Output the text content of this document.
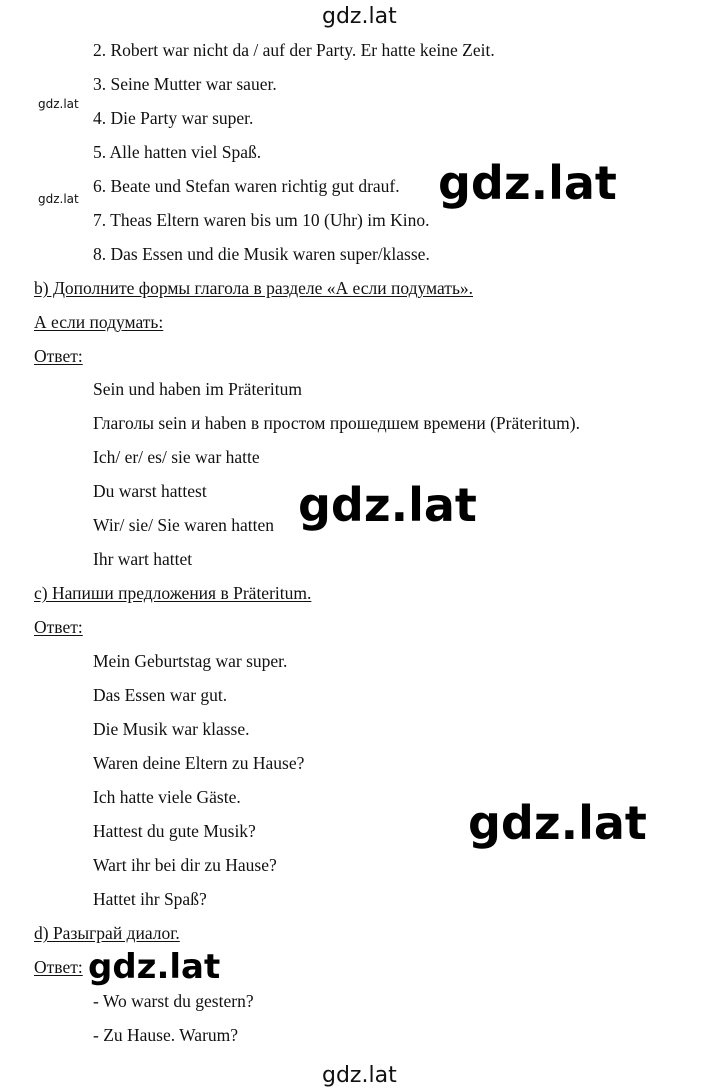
gdz.lat
2. Robert war nicht da / auf der Party. Er hatte keine Zeit.
3. Seine Mutter war sauer.
4. Die Party war super.
5. Alle hatten viel Spaß.
6. Beate und Stefan waren richtig gut drauf.
7. Theas Eltern waren bis um 10 (Uhr) im Kino.
8. Das Essen und die Musik waren super/klasse.
gdz.lat
gdz.lat	gdz.lat
b) Дополните формы глагола в разделе «А если подумать».
А если подумать:
Ответ:
Sein und haben im Präteritum
Глаголы sein и haben в простом прошедшем времени (Präteritum).
Ich/ er/ es/ sie war hatte
Du warst hattest
Wir/ sie/ Sie waren hatten
Ihr wart hattet
gdz.lat
c) Напиши предложения в Präteritum.
Ответ:
Mein Geburtstag war super.
Das Essen war gut.
Die Musik war klasse.
Waren deine Eltern zu Hause?
Ich hatte viele Gäste.
Hattest du gute Musik?
Wart ihr bei dir zu Hause?
Hattet ihr Spaß?
gdz.lat
d) Разыграй диалог.
Ответ: gdz.lat
- Wo warst du gestern?
- Zu Hause. Warum?
gdz.lat
